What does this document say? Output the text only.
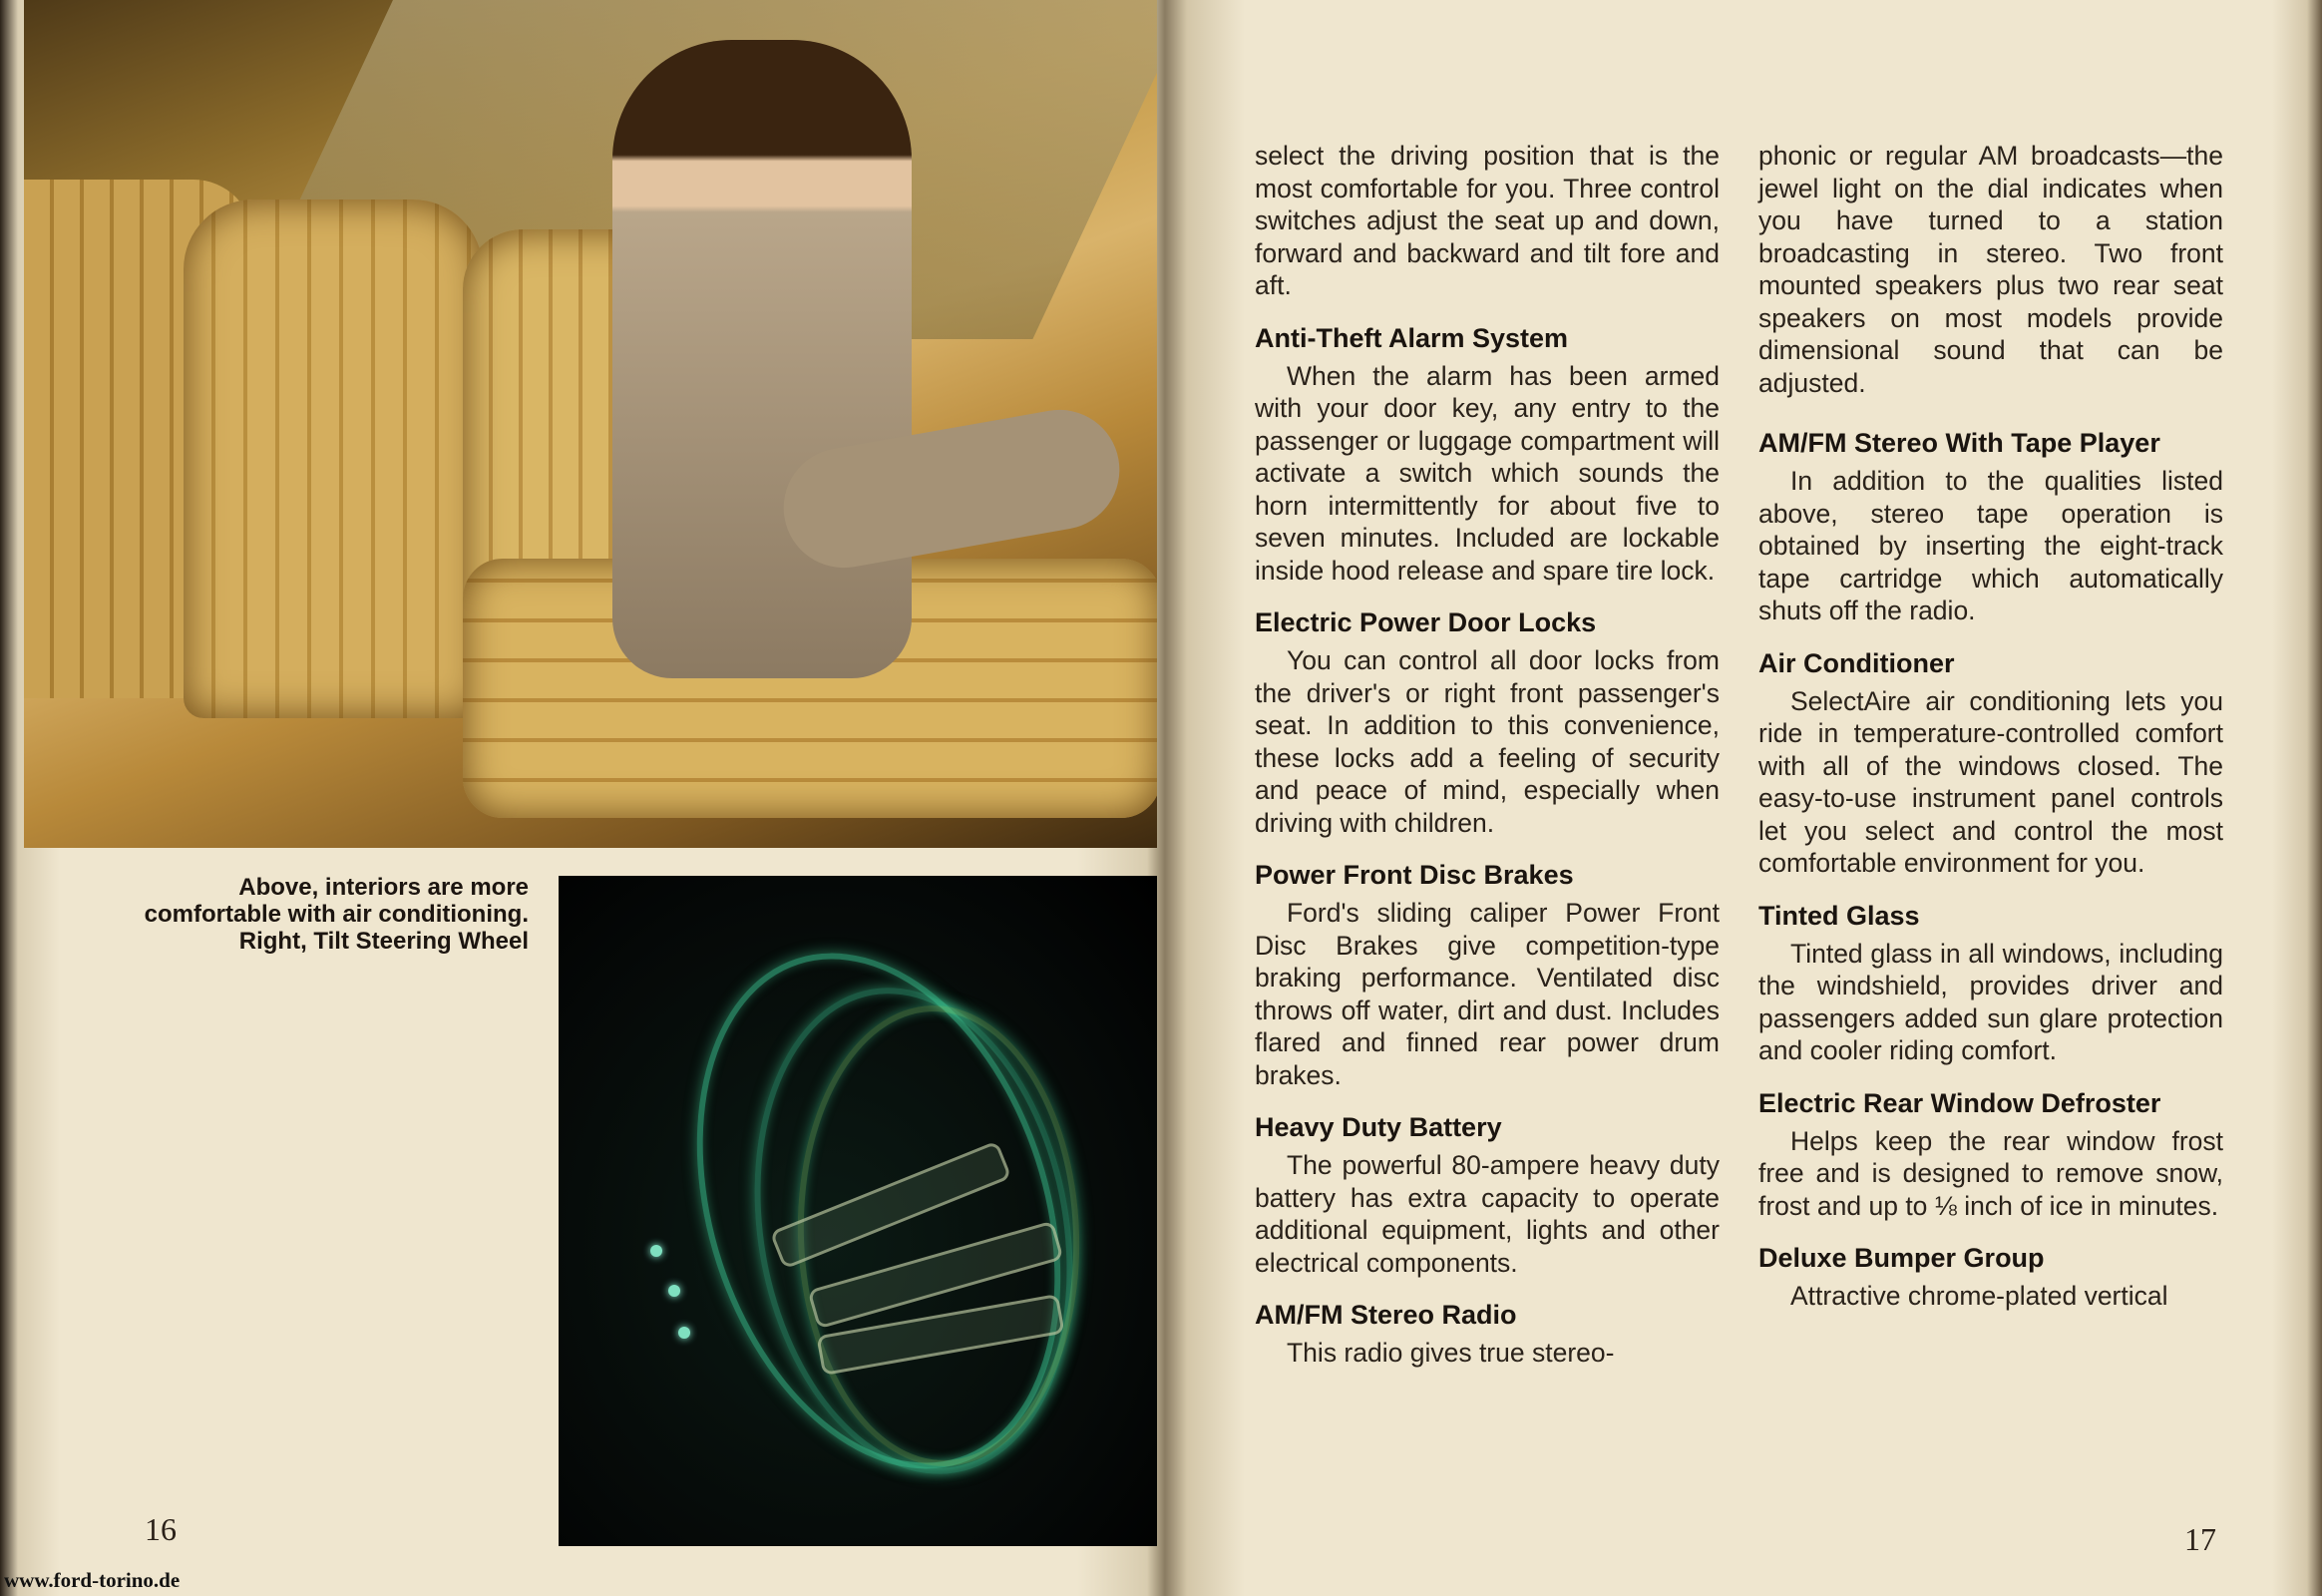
Above, interiors are more comfortable with air conditioning. Right, Tilt Steering Wheel
16
www.ford-torino.de

select the driving position that is the most comfortable for you. Three control switches adjust the seat up and down, forward and backward and tilt fore and aft.

Anti-Theft Alarm System

When the alarm has been armed with your door key, any entry to the passenger or luggage compartment will activate a switch which sounds the horn intermittently for about five to seven minutes. Included are lockable inside hood release and spare tire lock.

Electric Power Door Locks

You can control all door locks from the driver's or right front passenger's seat. In addition to this convenience, these locks add a feeling of security and peace of mind, especially when driving with children.

Power Front Disc Brakes

Ford's sliding caliper Power Front Disc Brakes give competition-type braking performance. Ventilated disc throws off water, dirt and dust. Includes flared and finned rear power drum brakes.

Heavy Duty Battery

The powerful 80-ampere heavy duty battery has extra capacity to operate additional equipment, lights and other electrical components.

AM/FM Stereo Radio

This radio gives true stereo-

phonic or regular AM broadcasts—the jewel light on the dial indicates when you have turned to a station broadcasting in stereo. Two front mounted speakers plus two rear seat speakers on most models provide dimensional sound that can be adjusted.

AM/FM Stereo With Tape Player

In addition to the qualities listed above, stereo tape operation is obtained by inserting the eight-track tape cartridge which automatically shuts off the radio.

Air Conditioner

SelectAire air conditioning lets you ride in temperature-controlled comfort with all of the windows closed. The easy-to-use instrument panel controls let you select and control the most comfortable environment for you.

Tinted Glass

Tinted glass in all windows, including the windshield, provides driver and passengers added sun glare protection and cooler riding comfort.

Electric Rear Window Defroster

Helps keep the rear window frost free and is designed to remove snow, frost and up to ⅛ inch of ice in minutes.

Deluxe Bumper Group

Attractive chrome-plated vertical

17
